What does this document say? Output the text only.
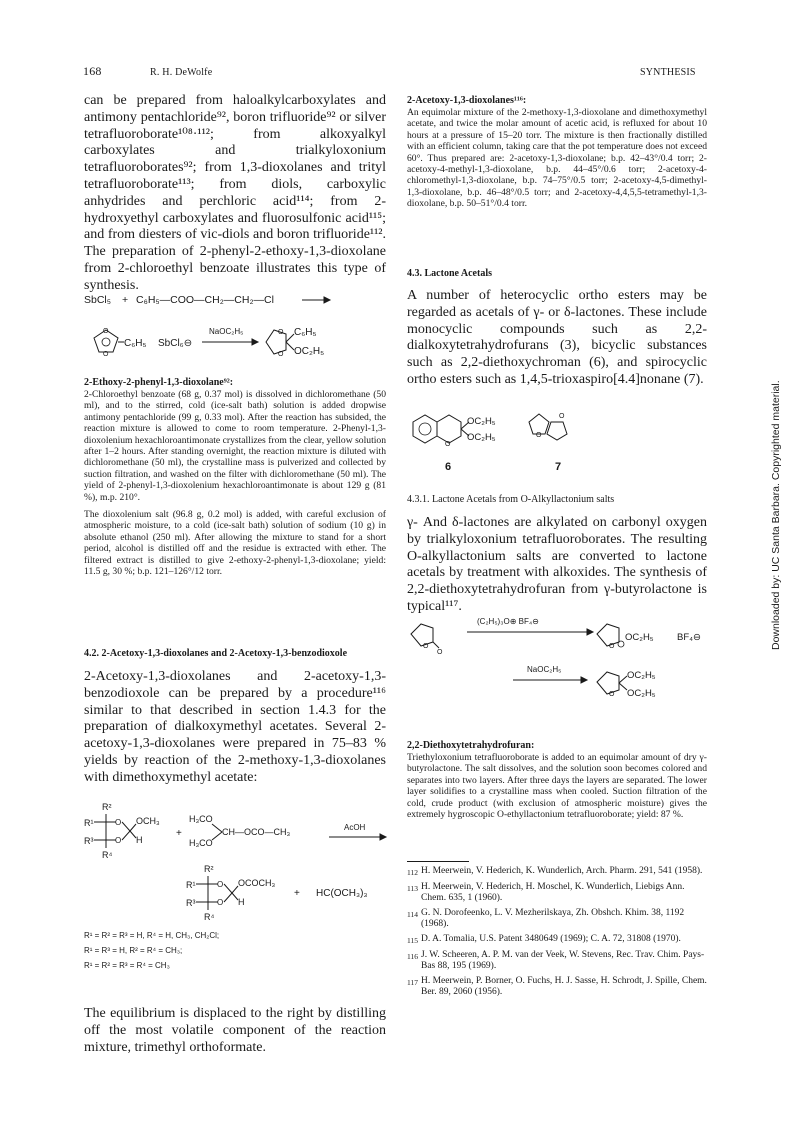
168	R. H. DeWolfe	SYNTHESIS
Downloaded by: UC Santa Barbara. Copyrighted material.

can be prepared from haloalkylcarboxylates and antimony pentachloride⁹², boron trifluoride⁹² or silver tetrafluoroborate¹⁰⁸·¹¹²; from alkoxyalkyl carboxylates and trialkyloxonium tetrafluoroborates⁹²; from 1,3-dioxolanes and trityl tetrafluoroborate¹¹³; from diols, carboxylic anhydrides and perchloric acid¹¹⁴; from 2-hydroxyethyl carboxylates and fluorosulfonic acid¹¹⁵; and from diesters of vic-diols and boron trifluoride¹¹². The preparation of 2-phenyl-2-ethoxy-1,3-dioxolane from 2-chloroethyl benzoate illustrates this type of synthesis.

SbCl₅ + C₆H₅—COO—CH₂—CH₂—Cl
O
O
C₆H₅ SbCl₆⊖
NaOC₂H₅	O
O
C₆H₅
OC₂H₅

2-Ethoxy-2-phenyl-1,3-dioxolane⁹²:

2-Chloroethyl benzoate (68 g, 0.37 mol) is dissolved in dichloromethane (50 ml), and to the stirred, cold (ice-salt bath) solution is added dropwise antimony pentachloride (99 g, 0.33 mol). After the reaction has subsided, the reaction mixture is allowed to come to room temperature. 2-Phenyl-1,3-dioxolenium hexachloroantimonate crystallizes from the clear, yellow solution after 1–2 hours. After standing overnight, the reaction mixture is diluted with dichloromethane (50 ml), the crystalline mass is pulverized and collected by suction filtration, and washed on the filter with dichloromethane (50 ml). The yield of 2-phenyl-1,3-dioxolenium hexachloroantimonate is about 129 g (81 %), m.p. 210°.

The dioxolenium salt (96.8 g, 0.2 mol) is added, with careful exclusion of atmospheric moisture, to a cold (ice-salt bath) solution of sodium (10 g) in absolute ethanol (250 ml). After allowing the mixture to stand for a short period, alcohol is distilled off and the residue is extracted with ether. The filtered extract is distilled to give 2-ethoxy-2-phenyl-1,3-dioxolane; yield: 11.5 g, 30 %; b.p. 121–126°/12 torr.

4.2. 2-Acetoxy-1,3-dioxolanes and 2-Acetoxy-1,3-benzodioxole

2-Acetoxy-1,3-dioxolanes and 2-acetoxy-1,3-benzodioxole can be prepared by a procedure¹¹⁶ similar to that described in section 1.4.3 for the preparation of dialkoxymethyl acetates. Several 2-acetoxy-1,3-dioxolanes were prepared in 75–83 % yields by reaction of the 2-methoxy-1,3-dioxolanes with dimethoxymethyl acetate:

R²
R¹
R³
R⁴
O
O
OCH₃
H
+
H₃CO
H₃CO
CH—OCO—CH₃	AcOH
R²
R¹
R³
R⁴
O
O
OCOCH₃
H
+ HC(OCH₃)₃
R¹ = R² = R³ = H, R⁴ = H, CH₃, CH₂Cl;
R¹ = R³ = H, R² = R⁴ = CH₃;
R¹ = R² = R³ = R⁴ = CH₃

The equilibrium is displaced to the right by distilling off the most volatile component of the reaction mixture, trimethyl orthoformate.

2-Acetoxy-1,3-dioxolanes¹¹⁶:

An equimolar mixture of the 2-methoxy-1,3-dioxolane and dimethoxymethyl acetate, and twice the molar amount of acetic acid, is refluxed for about 10 hours at a pressure of 15–20 torr. The mixture is then fractionally distilled with an efficient column, taking care that the pot temperature does not exceed 60°. Thus prepared are: 2-acetoxy-1,3-dioxolane; b.p. 42–43°/0.4 torr; 2-acetoxy-4-methyl-1,3-dioxolane, b.p. 44–45°/0.6 torr; 2-acetoxy-4-chloromethyl-1,3-dioxolane, b.p. 74–75°/0.5 torr; 2-acetoxy-4,5-dimethyl-1,3-dioxolane, b.p. 46–48°/0.5 torr; and 2-acetoxy-4,4,5,5-tetramethyl-1,3-dioxolane, b.p. 50–51°/0.4 torr.

4.3. Lactone Acetals

A number of heterocyclic ortho esters may be regarded as acetals of γ- or δ-lactones. These include monocyclic compounds such as 2,2-dialkoxytetrahydrofurans (3), bicyclic substances such as 2,2-diethoxychroman (6), and spirocyclic ortho esters such as 1,4,5-trioxaspiro[4.4]nonane (7).

O
OC₂H₅
OC₂H₅
6
O
O
7

4.3.1. Lactone Acetals from O-Alkyllactonium salts

γ- And δ-lactones are alkylated on carbonyl oxygen by trialkyloxonium tetrafluoroborates. The resulting O-alkyllactonium salts are converted to lactone acetals by treatment with alkoxides. The synthesis of 2,2-diethoxytetrahydrofuran from γ-butyrolactone is typical¹¹⁷.

O
O
(C₂H₅)₃O⊕ BF₄⊖
O
OC₂H₅ BF₄⊖
NaOC₂H₅
O
OC₂H₅
OC₂H₅

2,2-Diethoxytetrahydrofuran:

Triethyloxonium tetrafluoroborate is added to an equimolar amount of dry γ-butyrolactone. The salt dissolves, and the solution soon becomes colored and separates into two layers. After three days the layers are separated. The lower layer solidifies to a crystalline mass when cooled. Suction filtration of the cold, crude product (with exclusion of atmospheric moisture) gives the extremely hygroscopic O-ethyllactonium tetrafluoroborate; yield: 87 %.

112 H. Meerwein, V. Hederich, K. Wunderlich, Arch. Pharm. 291, 541 (1958).
113 H. Meerwein, V. Hederich, H. Moschel, K. Wunderlich, Liebigs Ann. Chem. 635, 1 (1960).
114 G. N. Dorofeenko, L. V. Mezherilskaya, Zh. Obshch. Khim. 38, 1192 (1968).
115 D. A. Tomalia, U.S. Patent 3480649 (1969); C. A. 72, 31808 (1970).
116 J. W. Scheeren, A. P. M. van der Veek, W. Stevens, Rec. Trav. Chim. Pays-Bas 88, 195 (1969).
117 H. Meerwein, P. Borner, O. Fuchs, H. J. Sasse, H. Schrodt, J. Spille, Chem. Ber. 89, 2060 (1956).
